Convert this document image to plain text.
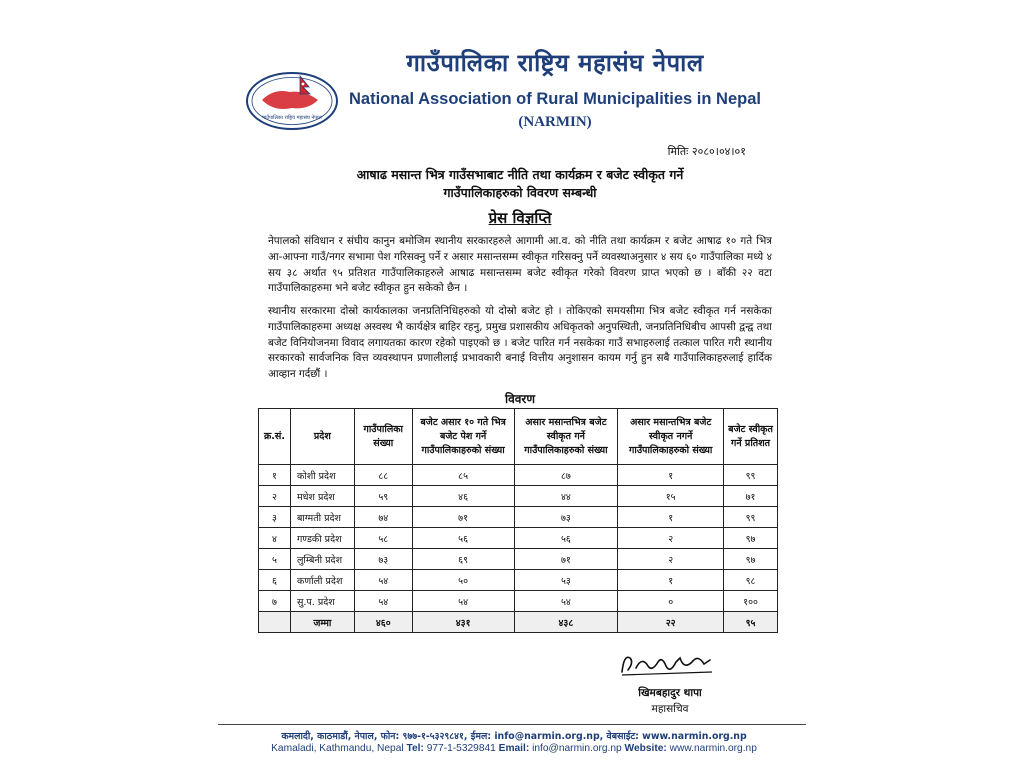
गाउँपालिका राष्ट्रिय महासंघ नेपाल
गाउँपालिका राष्ट्रिय महासंघ नेपाल
National Association of Rural Municipalities in Nepal
(NARMIN)
मितिः २०८०।०४।०१
आषाढ मसान्त भित्र गाउँसभाबाट नीति तथा कार्यक्रम र बजेट स्वीकृत गर्ने
गाउँपालिकाहरुको विवरण सम्बन्धी
प्रेस विज्ञप्ति
नेपालको संविधान र संघीय कानुन बमोजिम स्थानीय सरकारहरुले आगामी आ.व. को नीति तथा कार्यक्रम र बजेट आषाढ १० गते भित्र आ-आफ्ना गाउँ/नगर सभामा पेश गरिसक्नु पर्ने र असार मसान्तसम्म स्वीकृत गरिसक्नु पर्ने व्यवस्थाअनुसार ४ सय ६० गाउँपालिका मध्ये ४ सय ३८ अर्थात ९५ प्रतिशत गाउँपालिकाहरुले आषाढ मसान्तसम्म बजेट स्वीकृत गरेको विवरण प्राप्त भएको छ । बाँकी २२ वटा गाउँपालिकाहरुमा भने बजेट स्वीकृत हुन सकेको छैन ।
स्थानीय सरकारमा दोस्रो कार्यकालका जनप्रतिनिधिहरुको यो दोस्रो बजेट हो । तोकिएको समयसीमा भित्र बजेट स्वीकृत गर्न नसकेका गाउँपालिकाहरुमा अध्यक्ष अस्वस्थ भै कार्यक्षेत्र बाहिर रहनु, प्रमुख प्रशासकीय अधिकृतको अनुपस्थिती, जनप्रतिनिधिबीच आपसी द्वन्द्व तथा बजेट विनियोजनमा विवाद लगायतका कारण रहेको पाइएको छ । बजेट पारित गर्न नसकेका गाउँ सभाहरुलाई तत्काल पारित गरी स्थानीय सरकारको सार्वजनिक वित्त व्यवस्थापन प्रणालीलाई प्रभावकारी बनाई वित्तीय अनुशासन कायम गर्नु हुन सबै गाउँपालिकाहरुलाई हार्दिक आव्हान गर्दछौं ।
विवरण
क्र.सं.	प्रदेश	गाउँपालिका संख्या	बजेट असार १० गते भित्र बजेट पेश गर्ने गाउँपालिकाहरुको संख्या	असार मसान्तभित्र बजेट स्वीकृत गर्ने गाउँपालिकाहरुको संख्या	असार मसान्तभित्र बजेट स्वीकृत नगर्ने गाउँपालिकाहरुको संख्या	बजेट स्वीकृत गर्ने प्रतिशत
१	कोशी प्रदेश	८८	८५	८७	१	९९
२	मधेश प्रदेश	५९	४६	४४	१५	७१
३	बाग्मती प्रदेश	७४	७१	७३	१	९९
४	गण्डकी प्रदेश	५८	५६	५६	२	९७
५	लुम्बिनी प्रदेश	७३	६९	७१	२	९७
६	कर्णाली प्रदेश	५४	५०	५३	१	९८
७	सु.प. प्रदेश	५४	५४	५४	०	१००
	जम्मा	४६०	४३१	४३८	२२	९५
खिमबहादुर थापा
महासचिव
कमलादी, काठमाडौं, नेपाल, फोन: ९७७-१-५३२९८४१, ईमल: info@narmin.org.np, वेबसाईट: www.narmin.org.np
Kamaladi, Kathmandu, Nepal Tel: 977-1-5329841 Email: info@narmin.org.np Website: www.narmin.org.np
